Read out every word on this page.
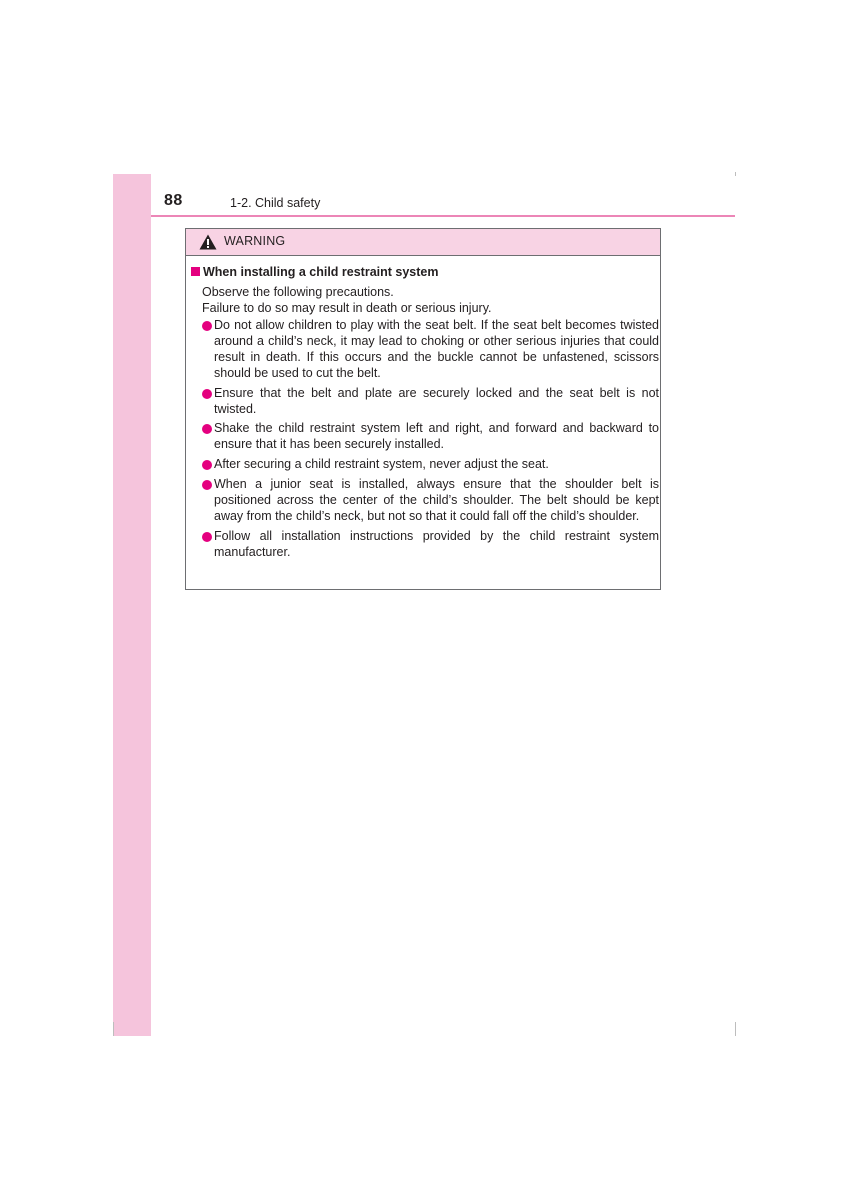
88	1-2. Child safety
WARNING
When installing a child restraint system
Observe the following precautions.
Failure to do so may result in death or serious injury.
Do not allow children to play with the seat belt. If the seat belt becomes twisted around a child’s neck, it may lead to choking or other serious injuries that could result in death. If this occurs and the buckle cannot be unfastened, scissors should be used to cut the belt.
Ensure that the belt and plate are securely locked and the seat belt is not twisted.
Shake the child restraint system left and right, and forward and backward to ensure that it has been securely installed.
After securing a child restraint system, never adjust the seat.
When a junior seat is installed, always ensure that the shoulder belt is positioned across the center of the child’s shoulder. The belt should be kept away from the child’s neck, but not so that it could fall off the child’s shoulder.
Follow all installation instructions provided by the child restraint system manufacturer.
